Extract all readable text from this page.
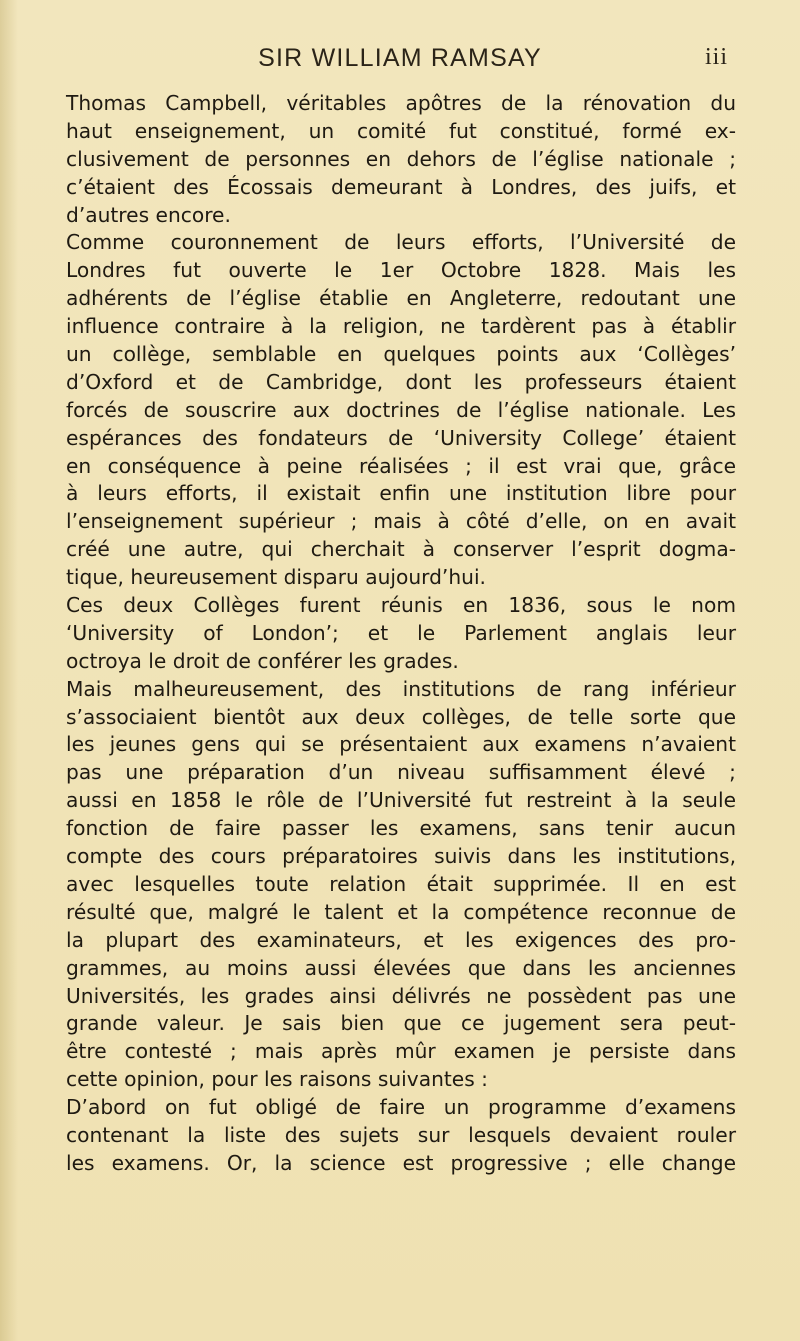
SIR WILLIAM RAMSAY	iii
Thomas Campbell, véritables apôtres de la rénovation du
haut enseignement, un comité fut constitué, formé ex-
clusivement de personnes en dehors de l’église nationale ;
c’étaient des Écossais demeurant à Londres, des juifs, et
d’autres encore.
Comme couronnement de leurs efforts, l’Université de
Londres fut ouverte le 1er Octobre 1828. Mais les
adhérents de l’église établie en Angleterre, redoutant une
influence contraire à la religion, ne tardèrent pas à établir
un collège, semblable en quelques points aux ‘Collèges’
d’Oxford et de Cambridge, dont les professeurs étaient
forcés de souscrire aux doctrines de l’église nationale. Les
espérances des fondateurs de ‘University College’ étaient
en conséquence à peine réalisées ; il est vrai que, grâce
à leurs efforts, il existait enfin une institution libre pour
l’enseignement supérieur ; mais à côté d’elle, on en avait
créé une autre, qui cherchait à conserver l’esprit dogma-
tique, heureusement disparu aujourd’hui.
Ces deux Collèges furent réunis en 1836, sous le nom
‘University of London’; et le Parlement anglais leur
octroya le droit de conférer les grades.
Mais malheureusement, des institutions de rang inférieur
s’associaient bientôt aux deux collèges, de telle sorte que
les jeunes gens qui se présentaient aux examens n’avaient
pas une préparation d’un niveau suffisamment élevé ;
aussi en 1858 le rôle de l’Université fut restreint à la seule
fonction de faire passer les examens, sans tenir aucun
compte des cours préparatoires suivis dans les institutions,
avec lesquelles toute relation était supprimée. Il en est
résulté que, malgré le talent et la compétence reconnue de
la plupart des examinateurs, et les exigences des pro-
grammes, au moins aussi élevées que dans les anciennes
Universités, les grades ainsi délivrés ne possèdent pas une
grande valeur. Je sais bien que ce jugement sera peut-
être contesté ; mais après mûr examen je persiste dans
cette opinion, pour les raisons suivantes :
D’abord on fut obligé de faire un programme d’examens
contenant la liste des sujets sur lesquels devaient rouler
les examens. Or, la science est progressive ; elle change
